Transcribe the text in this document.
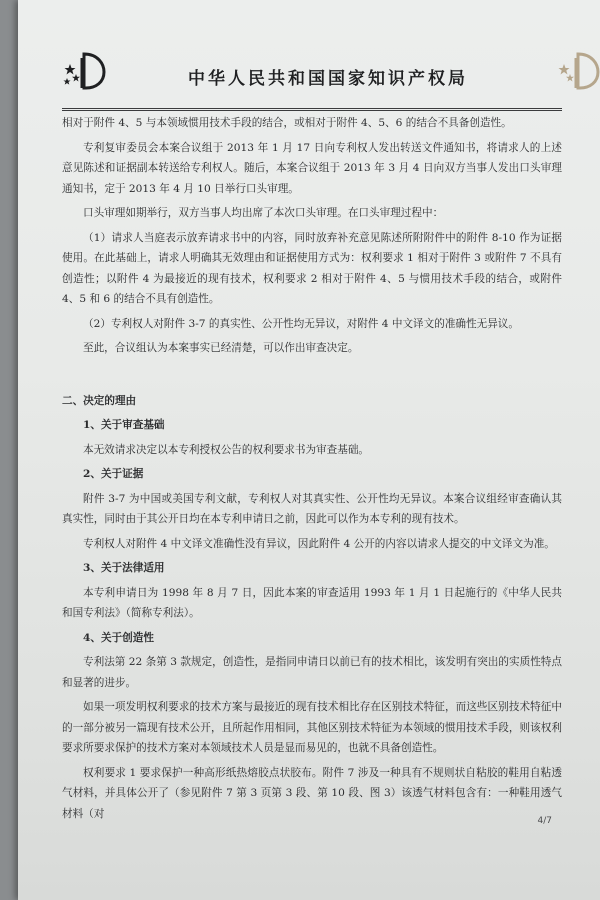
中华人民共和国国家知识产权局

相对于附件 4、5 与本领域惯用技术手段的结合，或相对于附件 4、5、6 的结合不具备创造性。

专利复审委员会本案合议组于 2013 年 1 月 17 日向专利权人发出转送文件通知书，将请求人的上述意见陈述和证据副本转送给专利权人。随后，本案合议组于 2013 年 3 月 4 日向双方当事人发出口头审理通知书，定于 2013 年 4 月 10 日举行口头审理。

口头审理如期举行，双方当事人均出席了本次口头审理。在口头审理过程中：

（1）请求人当庭表示放弃请求书中的内容，同时放弃补充意见陈述所附附件中的附件 8-10 作为证据使用。在此基础上，请求人明确其无效理由和证据使用方式为：权利要求 1 相对于附件 3 或附件 7 不具有创造性；以附件 4 为最接近的现有技术，权利要求 2 相对于附件 4、5 与惯用技术手段的结合，或附件 4、5 和 6 的结合不具有创造性。

（2）专利权人对附件 3-7 的真实性、公开性均无异议，对附件 4 中文译文的准确性无异议。

至此，合议组认为本案事实已经清楚，可以作出审查决定。

二、决定的理由

1、关于审查基础

本无效请求决定以本专利授权公告的权利要求书为审查基础。

2、关于证据

附件 3-7 为中国或美国专利文献，专利权人对其真实性、公开性均无异议。本案合议组经审查确认其真实性，同时由于其公开日均在本专利申请日之前，因此可以作为本专利的现有技术。

专利权人对附件 4 中文译文准确性没有异议，因此附件 4 公开的内容以请求人提交的中文译文为准。

3、关于法律适用

本专利申请日为 1998 年 8 月 7 日，因此本案的审查适用 1993 年 1 月 1 日起施行的《中华人民共和国专利法》（简称专利法）。

4、关于创造性

专利法第 22 条第 3 款规定，创造性，是指同申请日以前已有的技术相比，该发明有突出的实质性特点和显著的进步。

如果一项发明权利要求的技术方案与最接近的现有技术相比存在区别技术特征，而这些区别技术特征中的一部分被另一篇现有技术公开，且所起作用相同，其他区别技术特征为本领域的惯用技术手段，则该权利要求所要求保护的技术方案对本领域技术人员是显而易见的，也就不具备创造性。

权利要求 1 要求保护一种高形纸热熔胶点状胶布。附件 7 涉及一种具有不规则状自粘胶的鞋用自粘透气材料，并具体公开了（参见附件 7 第 3 页第 3 段、第 10 段、图 3）该透气材料包含有：一种鞋用透气材料（对

4/7
